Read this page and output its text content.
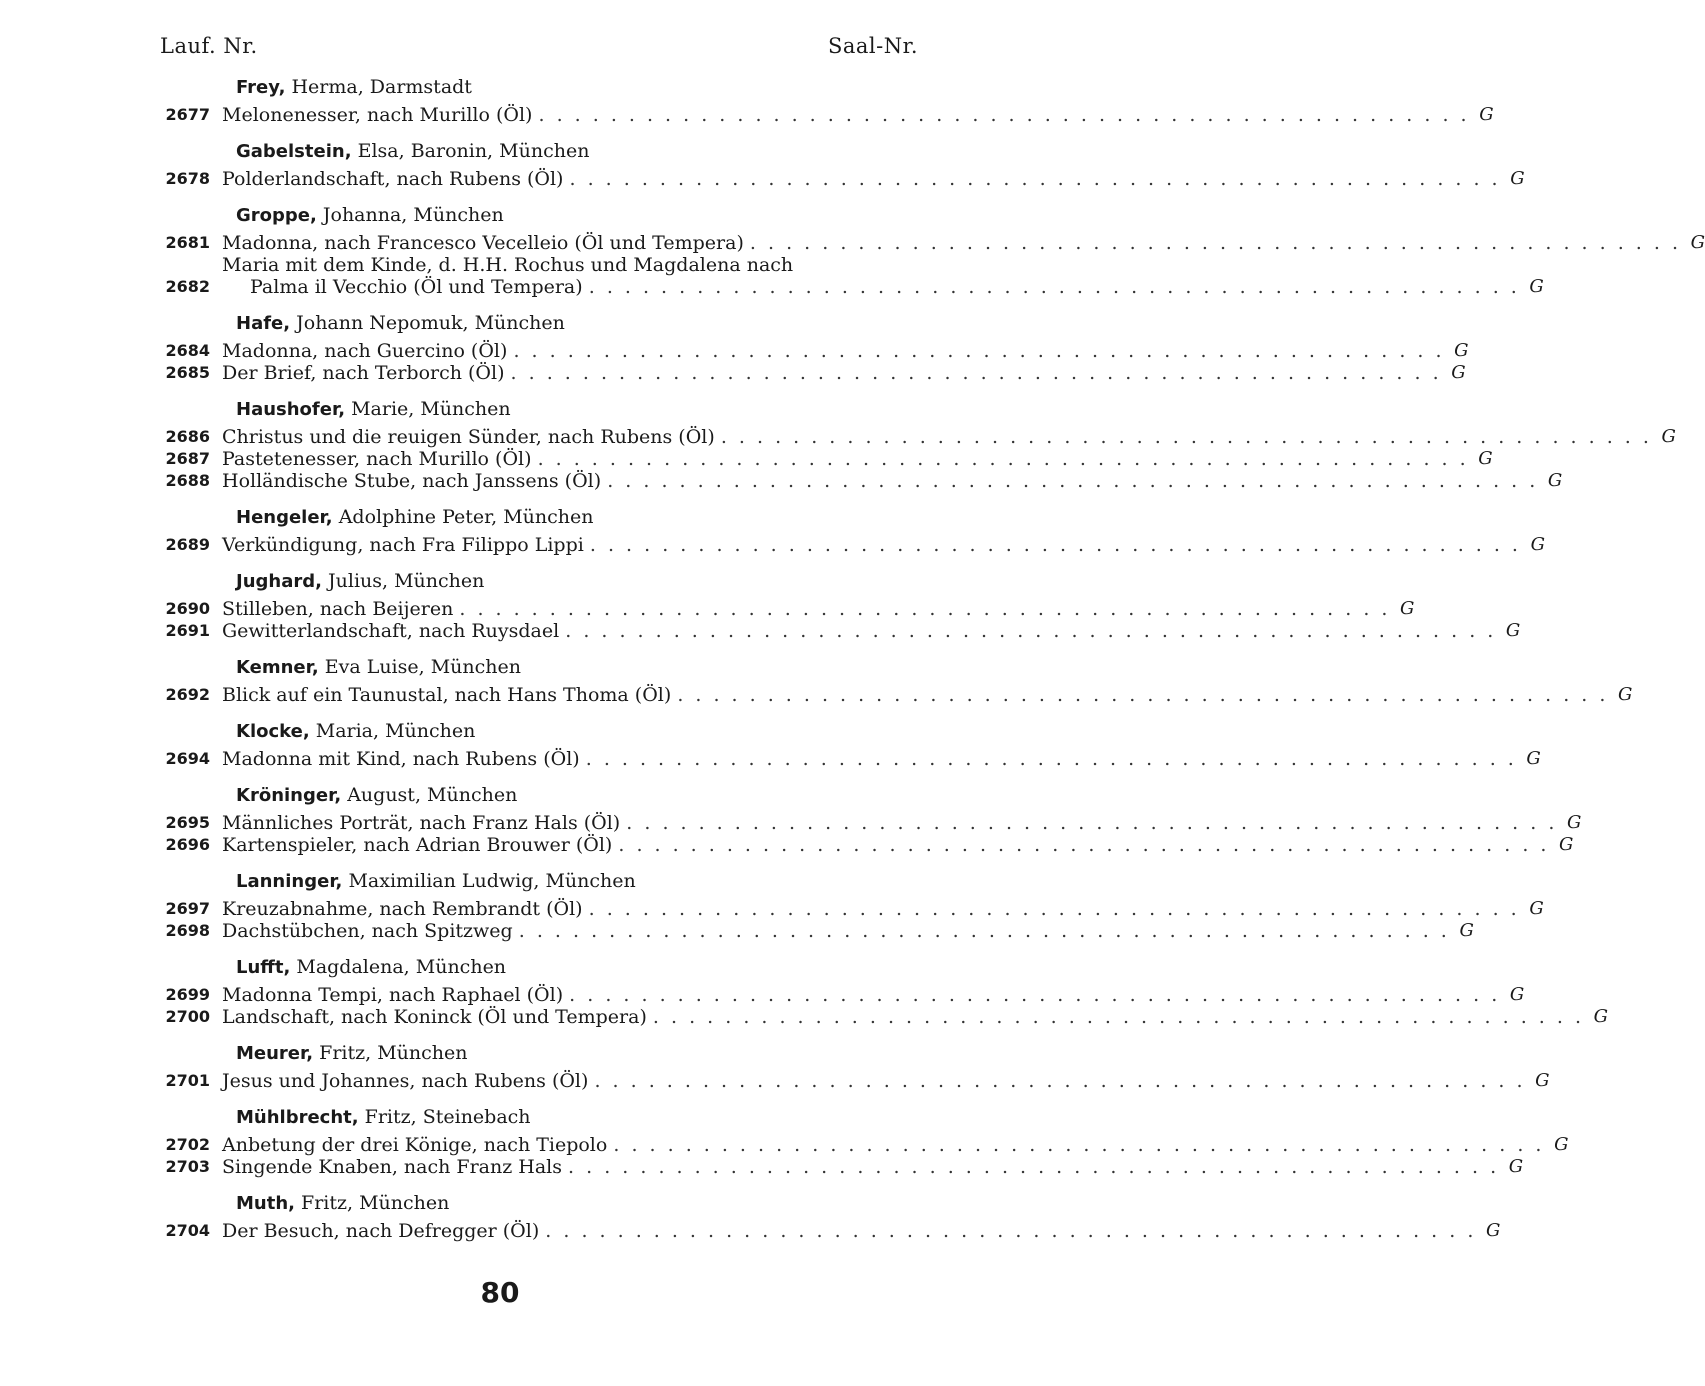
Lauf. Nr.	Saal-Nr.
Frey, Herma, Darmstadt
2677 Melonenesser, nach Murillo (Öl) . . . . . . . . . . . . . . . . . . . . . . . . . . . . . . . . . . . . . . . . . . . . . . . . . . . . G
Gabelstein, Elsa, Baronin, München
2678 Polderlandschaft, nach Rubens (Öl) . . . . . . . . . . . . . . . . . . . . . . . . . . . . . . . . . . . . . . . . . . . . . . . . . . . . G
Groppe, Johanna, München
2681 Madonna, nach Francesco Vecelleio (Öl und Tempera) . . . . . . . . . . . . . . . . . . . . . . . . . . . . . . . . . . . . . . . . . . . . . . . . . . . . G
2682
Maria mit dem Kinde, d. H.H. Rochus und Magdalena nach
Palma il Vecchio (Öl und Tempera) . . . . . . . . . . . . . . . . . . . . . . . . . . . . . . . . . . . . . . . . . . . . . . . . . . . . G
Hafe, Johann Nepomuk, München
2684 Madonna, nach Guercino (Öl) . . . . . . . . . . . . . . . . . . . . . . . . . . . . . . . . . . . . . . . . . . . . . . . . . . . . G
2685 Der Brief, nach Terborch (Öl) . . . . . . . . . . . . . . . . . . . . . . . . . . . . . . . . . . . . . . . . . . . . . . . . . . . . G
Haushofer, Marie, München
2686 Christus und die reuigen Sünder, nach Rubens (Öl) . . . . . . . . . . . . . . . . . . . . . . . . . . . . . . . . . . . . . . . . . . . . . . . . . . . . G
2687 Pastetenesser, nach Murillo (Öl) . . . . . . . . . . . . . . . . . . . . . . . . . . . . . . . . . . . . . . . . . . . . . . . . . . . . G
2688 Holländische Stube, nach Janssens (Öl) . . . . . . . . . . . . . . . . . . . . . . . . . . . . . . . . . . . . . . . . . . . . . . . . . . . . G
Hengeler, Adolphine Peter, München
2689 Verkündigung, nach Fra Filippo Lippi . . . . . . . . . . . . . . . . . . . . . . . . . . . . . . . . . . . . . . . . . . . . . . . . . . . . G
Jughard, Julius, München
2690 Stilleben, nach Beijeren . . . . . . . . . . . . . . . . . . . . . . . . . . . . . . . . . . . . . . . . . . . . . . . . . . . . G
2691 Gewitterlandschaft, nach Ruysdael . . . . . . . . . . . . . . . . . . . . . . . . . . . . . . . . . . . . . . . . . . . . . . . . . . . . G
Kemner, Eva Luise, München
2692 Blick auf ein Taunustal, nach Hans Thoma (Öl) . . . . . . . . . . . . . . . . . . . . . . . . . . . . . . . . . . . . . . . . . . . . . . . . . . . . G
Klocke, Maria, München
2694 Madonna mit Kind, nach Rubens (Öl) . . . . . . . . . . . . . . . . . . . . . . . . . . . . . . . . . . . . . . . . . . . . . . . . . . . . G
Kröninger, August, München
2695 Männliches Porträt, nach Franz Hals (Öl) . . . . . . . . . . . . . . . . . . . . . . . . . . . . . . . . . . . . . . . . . . . . . . . . . . . . G
2696 Kartenspieler, nach Adrian Brouwer (Öl) . . . . . . . . . . . . . . . . . . . . . . . . . . . . . . . . . . . . . . . . . . . . . . . . . . . . G
Lanninger, Maximilian Ludwig, München
2697 Kreuzabnahme, nach Rembrandt (Öl) . . . . . . . . . . . . . . . . . . . . . . . . . . . . . . . . . . . . . . . . . . . . . . . . . . . . G
2698 Dachstübchen, nach Spitzweg . . . . . . . . . . . . . . . . . . . . . . . . . . . . . . . . . . . . . . . . . . . . . . . . . . . . G
Lufft, Magdalena, München
2699 Madonna Tempi, nach Raphael (Öl) . . . . . . . . . . . . . . . . . . . . . . . . . . . . . . . . . . . . . . . . . . . . . . . . . . . . G
2700 Landschaft, nach Koninck (Öl und Tempera) . . . . . . . . . . . . . . . . . . . . . . . . . . . . . . . . . . . . . . . . . . . . . . . . . . . . G
Meurer, Fritz, München
2701 Jesus und Johannes, nach Rubens (Öl) . . . . . . . . . . . . . . . . . . . . . . . . . . . . . . . . . . . . . . . . . . . . . . . . . . . . G
Mühlbrecht, Fritz, Steinebach
2702 Anbetung der drei Könige, nach Tiepolo . . . . . . . . . . . . . . . . . . . . . . . . . . . . . . . . . . . . . . . . . . . . . . . . . . . . G
2703 Singende Knaben, nach Franz Hals . . . . . . . . . . . . . . . . . . . . . . . . . . . . . . . . . . . . . . . . . . . . . . . . . . . . G
Muth, Fritz, München
2704 Der Besuch, nach Defregger (Öl) . . . . . . . . . . . . . . . . . . . . . . . . . . . . . . . . . . . . . . . . . . . . . . . . . . . . G
80
